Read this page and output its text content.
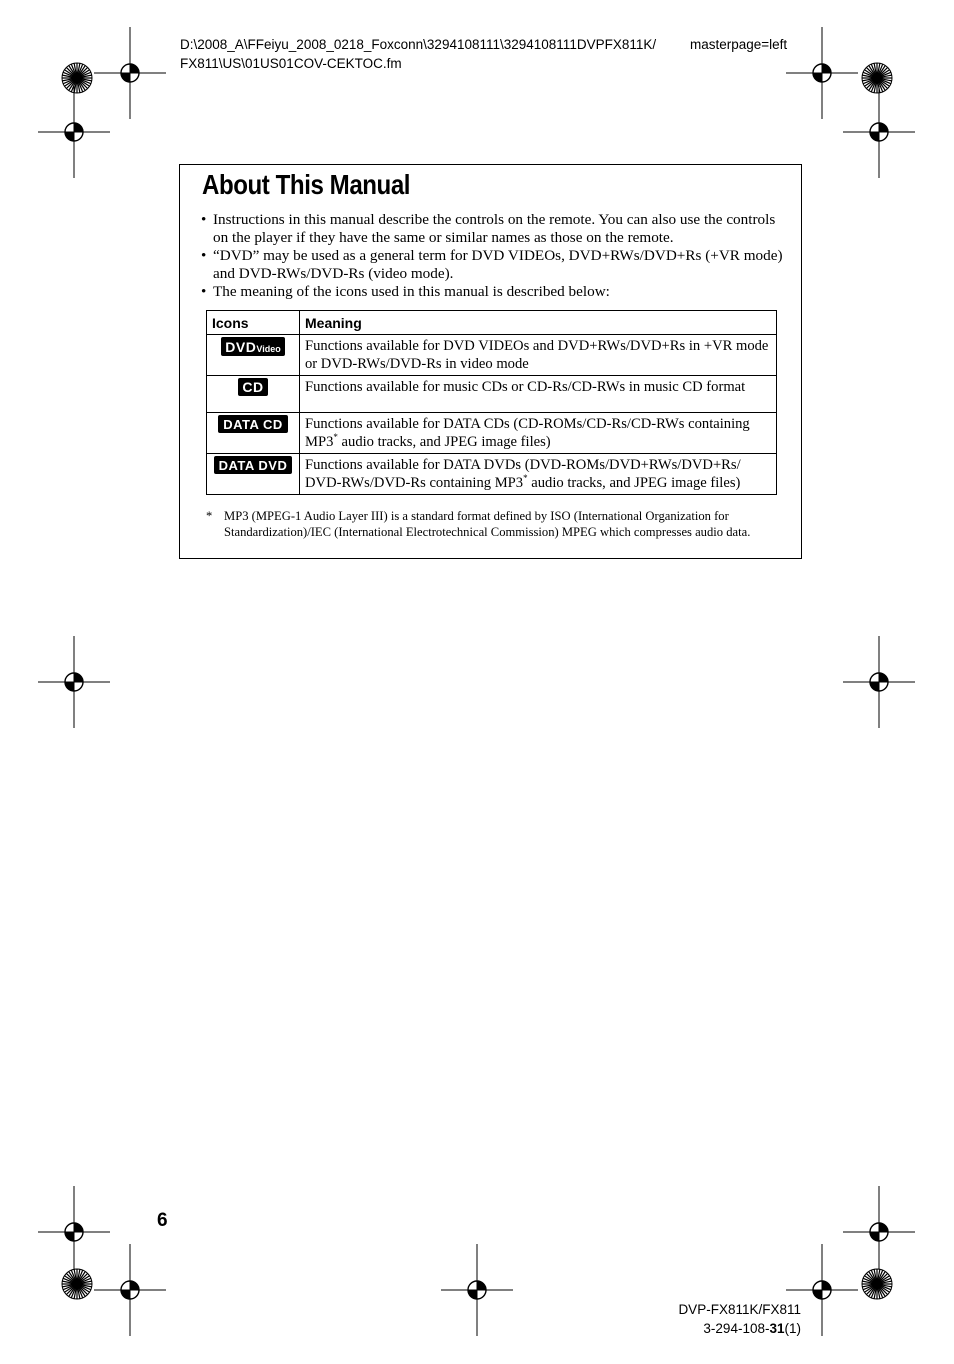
D:\2008_A\FFeiyu_2008_0218_Foxconn\3294108111\3294108111DVPFX811K/
FX811\US\01US01COV-CEKTOC.fm
masterpage=left
About This Manual
• Instructions in this manual describe the controls on the remote. You can also use the controls on the player if they have the same or similar names as those on the remote.
• “DVD” may be used as a general term for DVD VIDEOs, DVD+RWs/DVD+Rs (+VR mode) and DVD-RWs/DVD-Rs (video mode).
• The meaning of the icons used in this manual is described below:
Icons	Meaning
DVDVideo	Functions available for DVD VIDEOs and DVD+RWs/DVD+Rs in +VR mode or DVD-RWs/DVD-Rs in video mode
CD	Functions available for music CDs or CD-Rs/CD-RWs in music CD format
DATA CD	Functions available for DATA CDs (CD-ROMs/CD-Rs/CD-RWs containing MP3* audio tracks, and JPEG image files)
DATA DVD	Functions available for DATA DVDs (DVD-ROMs/DVD+RWs/DVD+Rs/ DVD-RWs/DVD-Rs containing MP3* audio tracks, and JPEG image files)
* MP3 (MPEG-1 Audio Layer III) is a standard format defined by ISO (International Organization for Standardization)/IEC (International Electrotechnical Commission) MPEG which compresses audio data.
6
DVP-FX811K/FX811
3-294-108-31(1)
